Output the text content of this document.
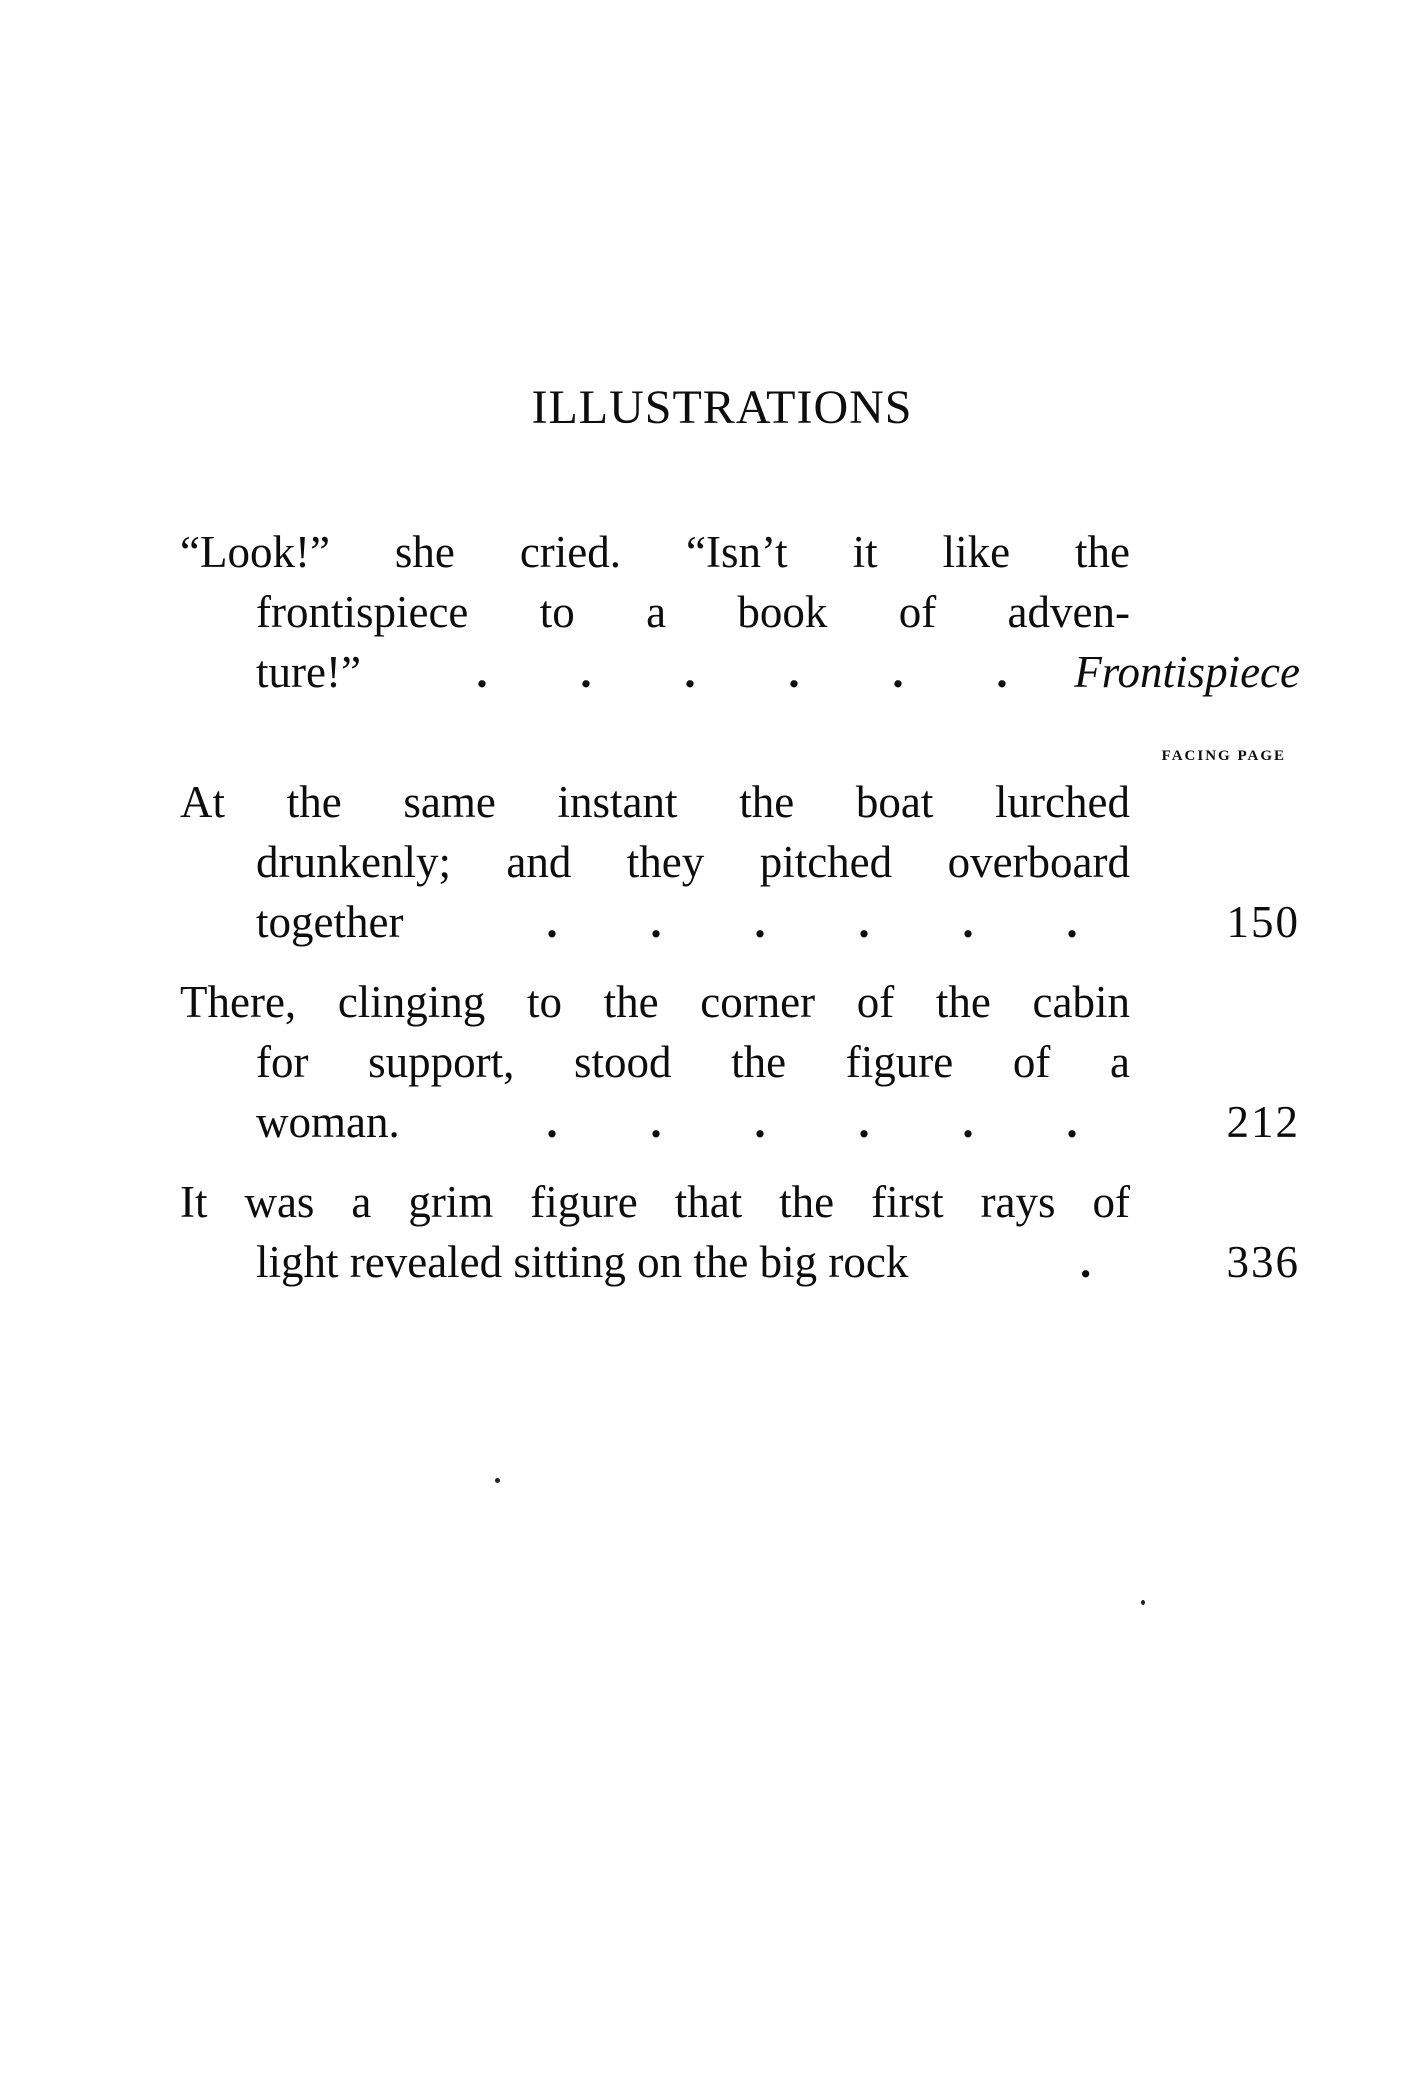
ILLUSTRATIONS
“Look!” she cried. “Isn’t it like the
frontispiece to a book of adven-
ture!”	. . . . . .	Frontispiece
FACING PAGE
At the same instant the boat lurched
drunkenly; and they pitched overboard
together	. . . . . .	150
There, clinging to the corner of the cabin
for support, stood the figure of a
woman.	. . . . . .	212
It was a grim figure that the first rays of
light revealed sitting on the big rock	.	336
